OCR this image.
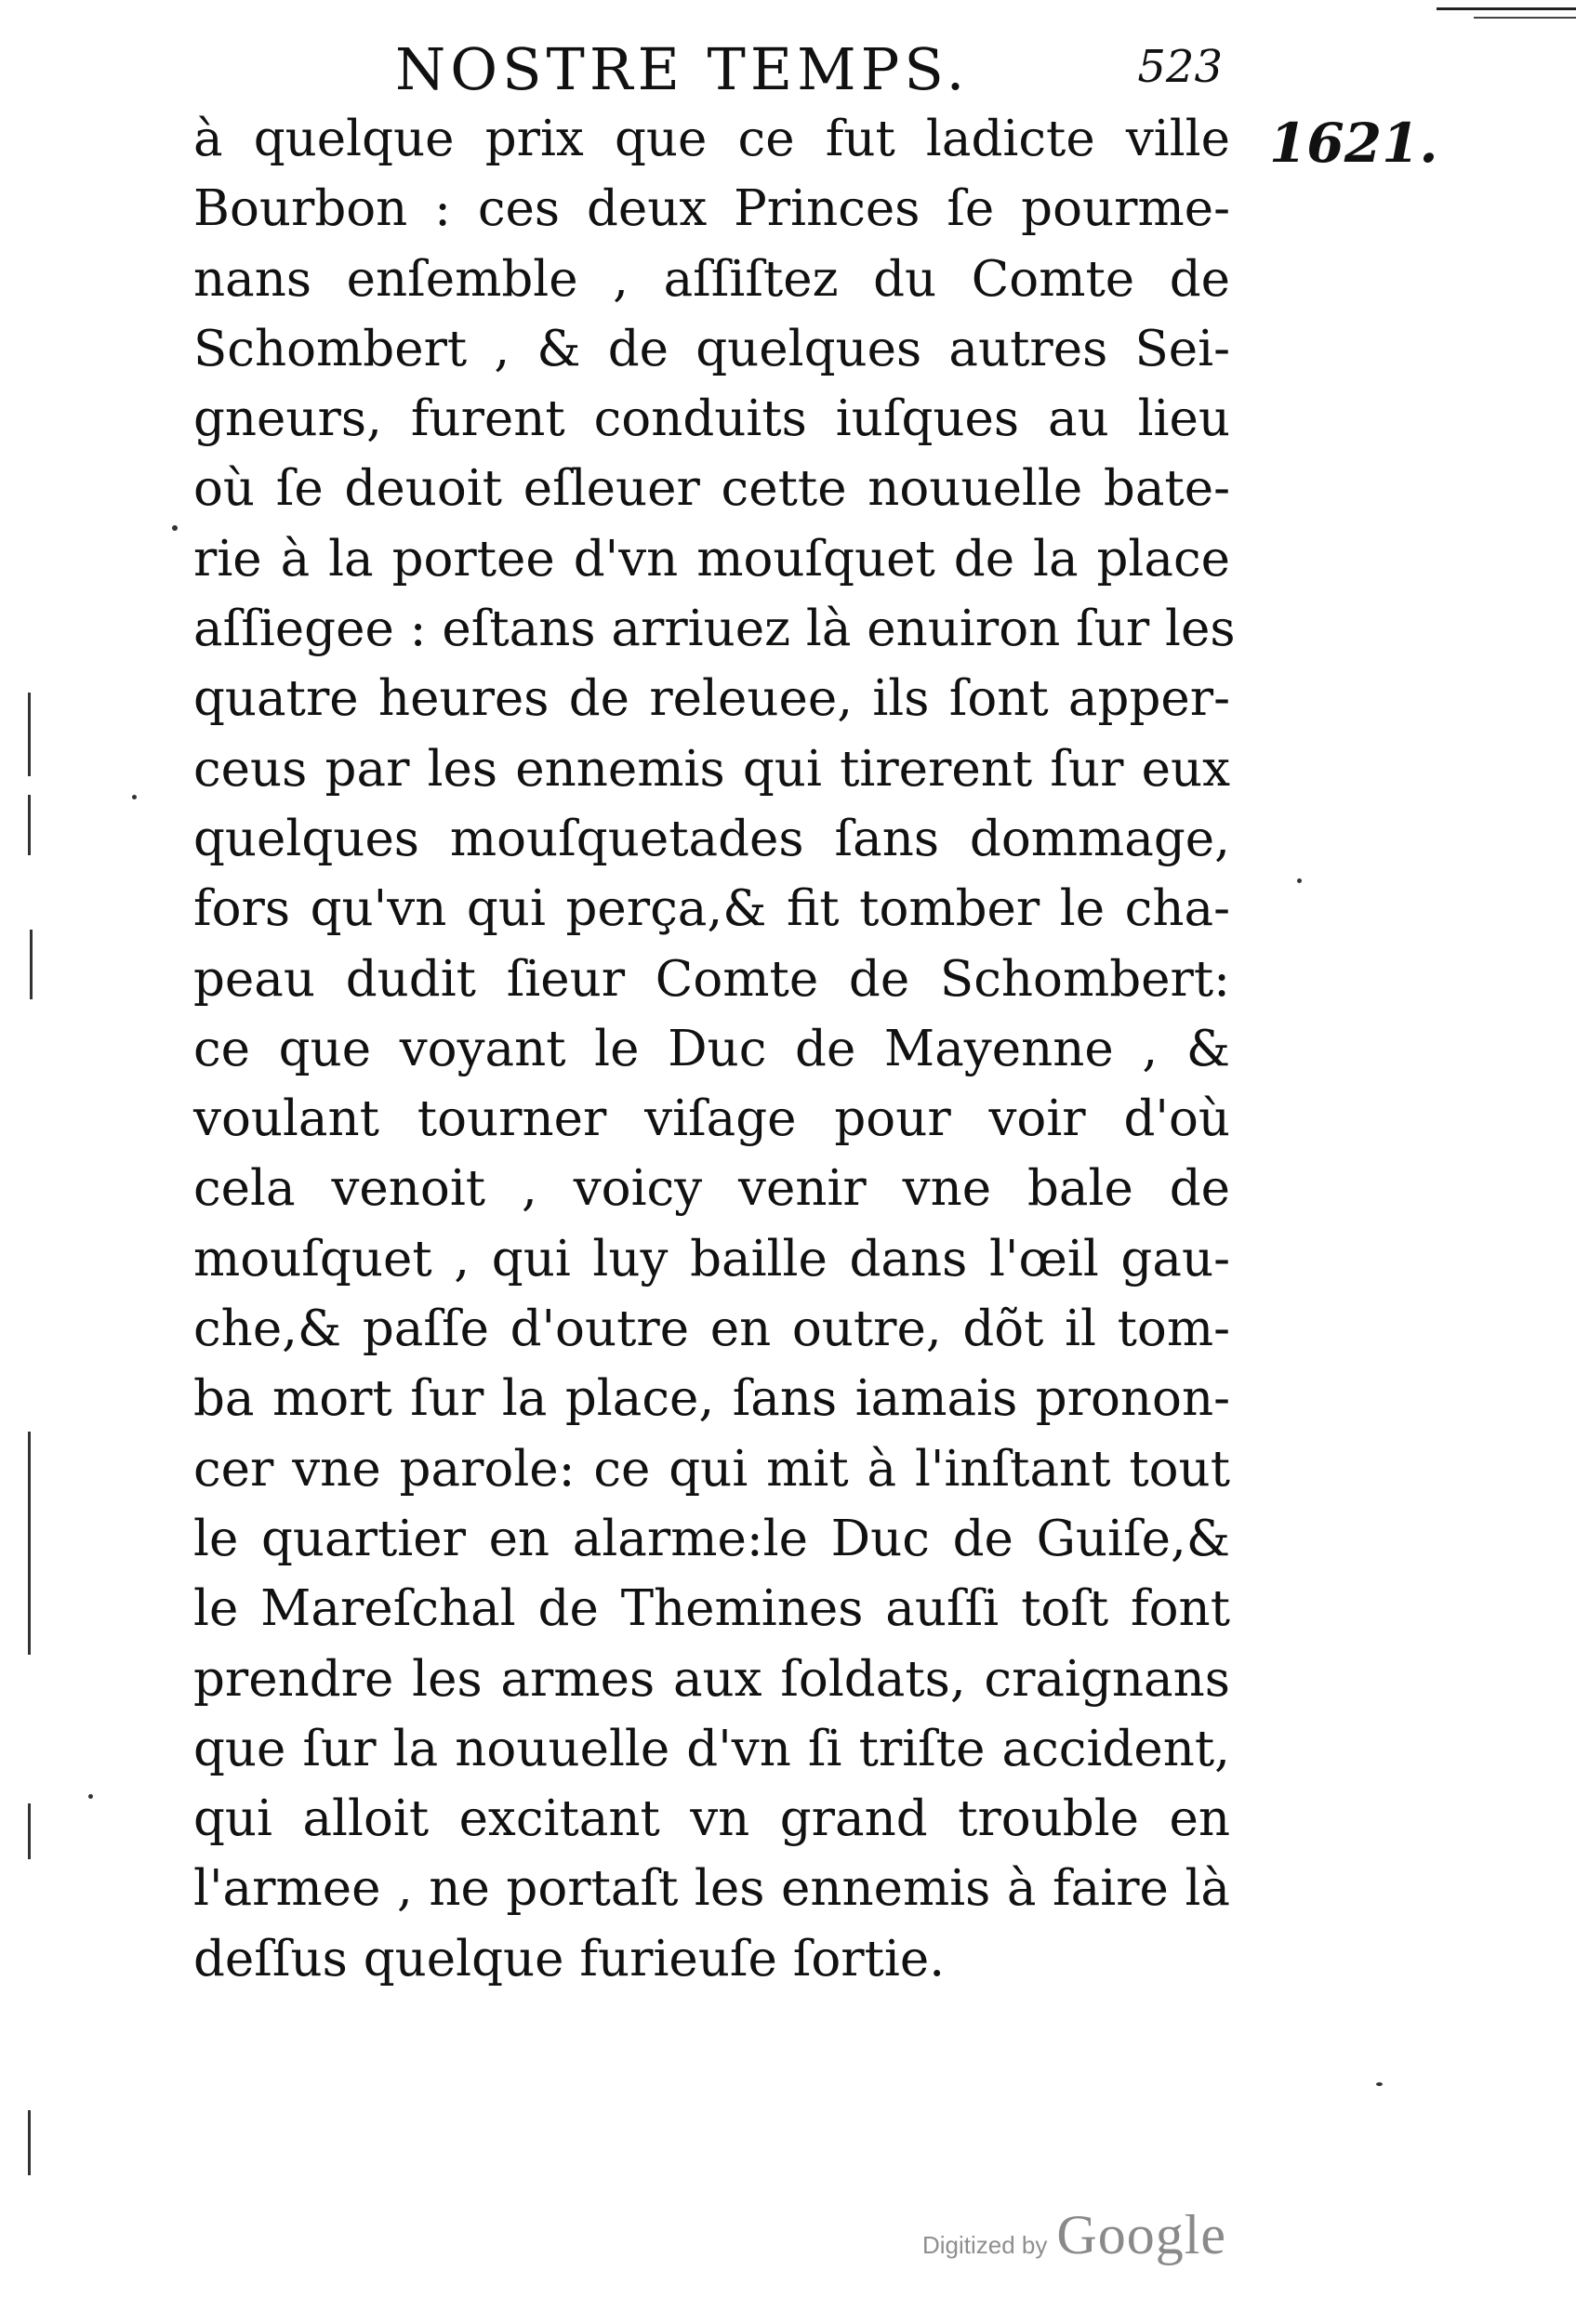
NOSTRE TEMPS.	523
1621.
à quelque prix que ce fut ladicte ville
Bourbon : ces deux Princes ſe pourme-
nans enſemble , aſſiſtez du Comte de
Schombert , & de quelques autres Sei-
gneurs, furent conduits iuſques au lieu
où ſe deuoit eſleuer cette nouuelle bate-
rie à la portee d'vn mouſquet de la place
aſſiegee : eſtans arriuez là enuiron ſur les
quatre heures de releuee, ils ſont apper-
ceus par les ennemis qui tirerent ſur eux
quelques mouſquetades ſans dommage,
fors qu'vn qui perça,& fit tomber le cha-
peau dudit ſieur Comte de Schombert:
ce que voyant le Duc de Mayenne , &
voulant tourner viſage pour voir d'où
cela venoit , voicy venir vne bale de
mouſquet , qui luy baille dans l'œil gau-
che,& paſſe d'outre en outre, dõt il tom-
ba mort ſur la place, ſans iamais pronon-
cer vne parole: ce qui mit à l'inſtant tout
le quartier en alarme:le Duc de Guiſe,&
le Mareſchal de Themines auſſi toſt font
prendre les armes aux ſoldats, craignans
que ſur la nouuelle d'vn ſi triſte accident,
qui alloit excitant vn grand trouble en
l'armee , ne portaſt les ennemis à faire là
deſſus quelque furieuſe ſortie.
Digitized by Google
